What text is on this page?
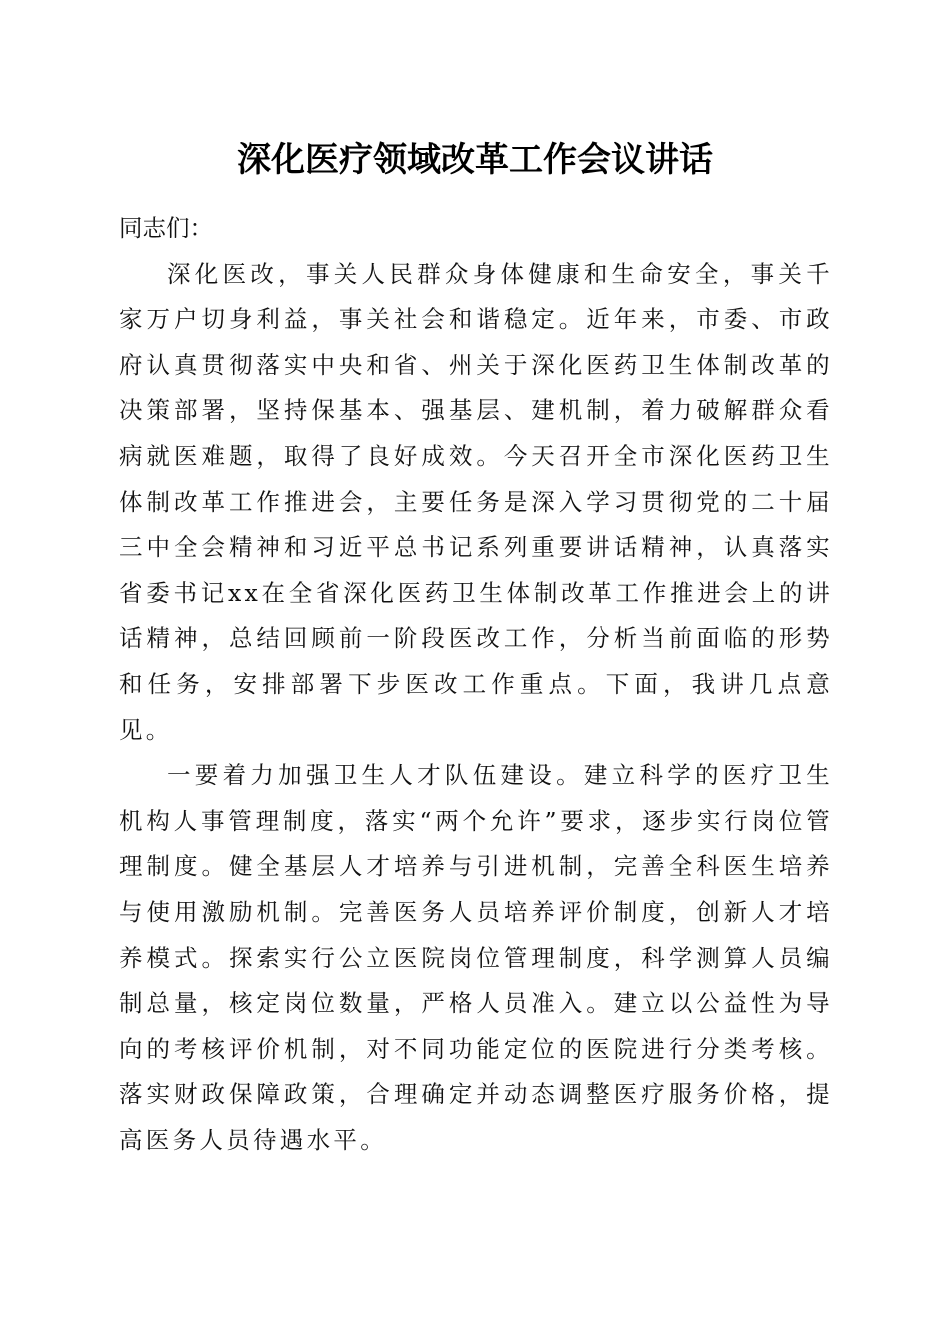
深化医疗领域改革工作会议讲话

同志们：

深化医改，事关人民群众身体健康和生命安全，事关千家万户切身利益，事关社会和谐稳定。近年来，市委、市政府认真贯彻落实中央和省、州关于深化医药卫生体制改革的决策部署，坚持保基本、强基层、建机制，着力破解群众看病就医难题，取得了良好成效。今天召开全市深化医药卫生体制改革工作推进会，主要任务是深入学习贯彻党的二十届三中全会精神和习近平总书记系列重要讲话精神，认真落实省委书记xx在全省深化医药卫生体制改革工作推进会上的讲话精神，总结回顾前一阶段医改工作，分析当前面临的形势和任务，安排部署下步医改工作重点。下面，我讲几点意见。

一要着力加强卫生人才队伍建设。建立科学的医疗卫生机构人事管理制度，落实“两个允许”要求，逐步实行岗位管理制度。健全基层人才培养与引进机制，完善全科医生培养与使用激励机制。完善医务人员培养评价制度，创新人才培养模式。探索实行公立医院岗位管理制度，科学测算人员编制总量，核定岗位数量，严格人员准入。建立以公益性为导向的考核评价机制，对不同功能定位的医院进行分类考核。落实财政保障政策，合理确定并动态调整医疗服务价格，提高医务人员待遇水平。
